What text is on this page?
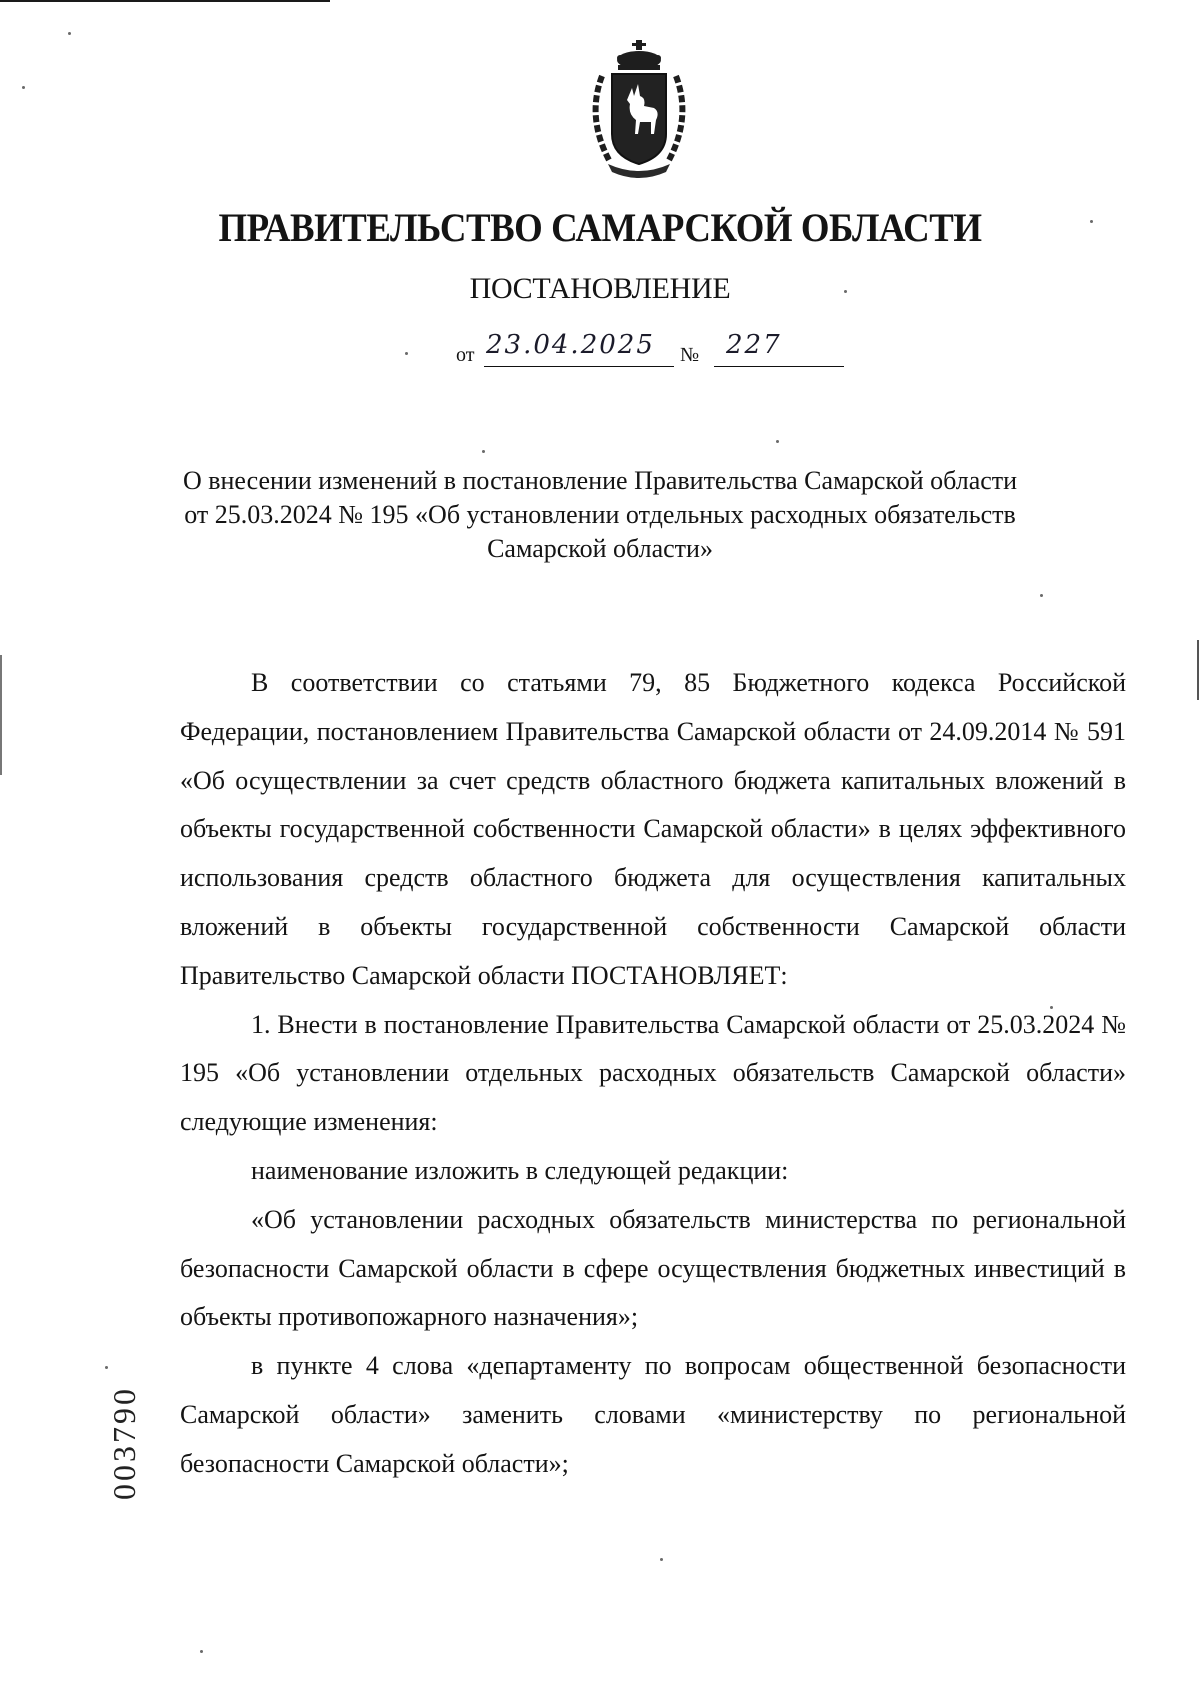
ПРАВИТЕЛЬСТВО САМАРСКОЙ ОБЛАСТИ
ПОСТАНОВЛЕНИЕ
от 23.04.2025 № 227
О внесении изменений в постановление Правительства Самарской области
от 25.03.2024 № 195 «Об установлении отдельных расходных обязательств
Самарской области»

В соответствии со статьями 79, 85 Бюджетного кодекса Российской Федерации, постановлением Правительства Самарской области от 24.09.2014 № 591 «Об осуществлении за счет средств областного бюджета капитальных вложений в объекты государственной собственности Самарской области» в целях эффективного использования средств областного бюджета для осуществления капитальных вложений в объекты государственной собственности Самарской области Правительство Самарской области ПОСТАНОВЛЯЕТ:

1. Внести в постановление Правительства Самарской области от 25.03.2024 № 195 «Об установлении отдельных расходных обязательств Самарской области» следующие изменения:

наименование изложить в следующей редакции:

«Об установлении расходных обязательств министерства по региональной безопасности Самарской области в сфере осуществления бюджетных инвестиций в объекты противопожарного назначения»;

в пункте 4 слова «департаменту по вопросам общественной безопасности Самарской области» заменить словами «министерству по региональной безопасности Самарской области»;

003790
